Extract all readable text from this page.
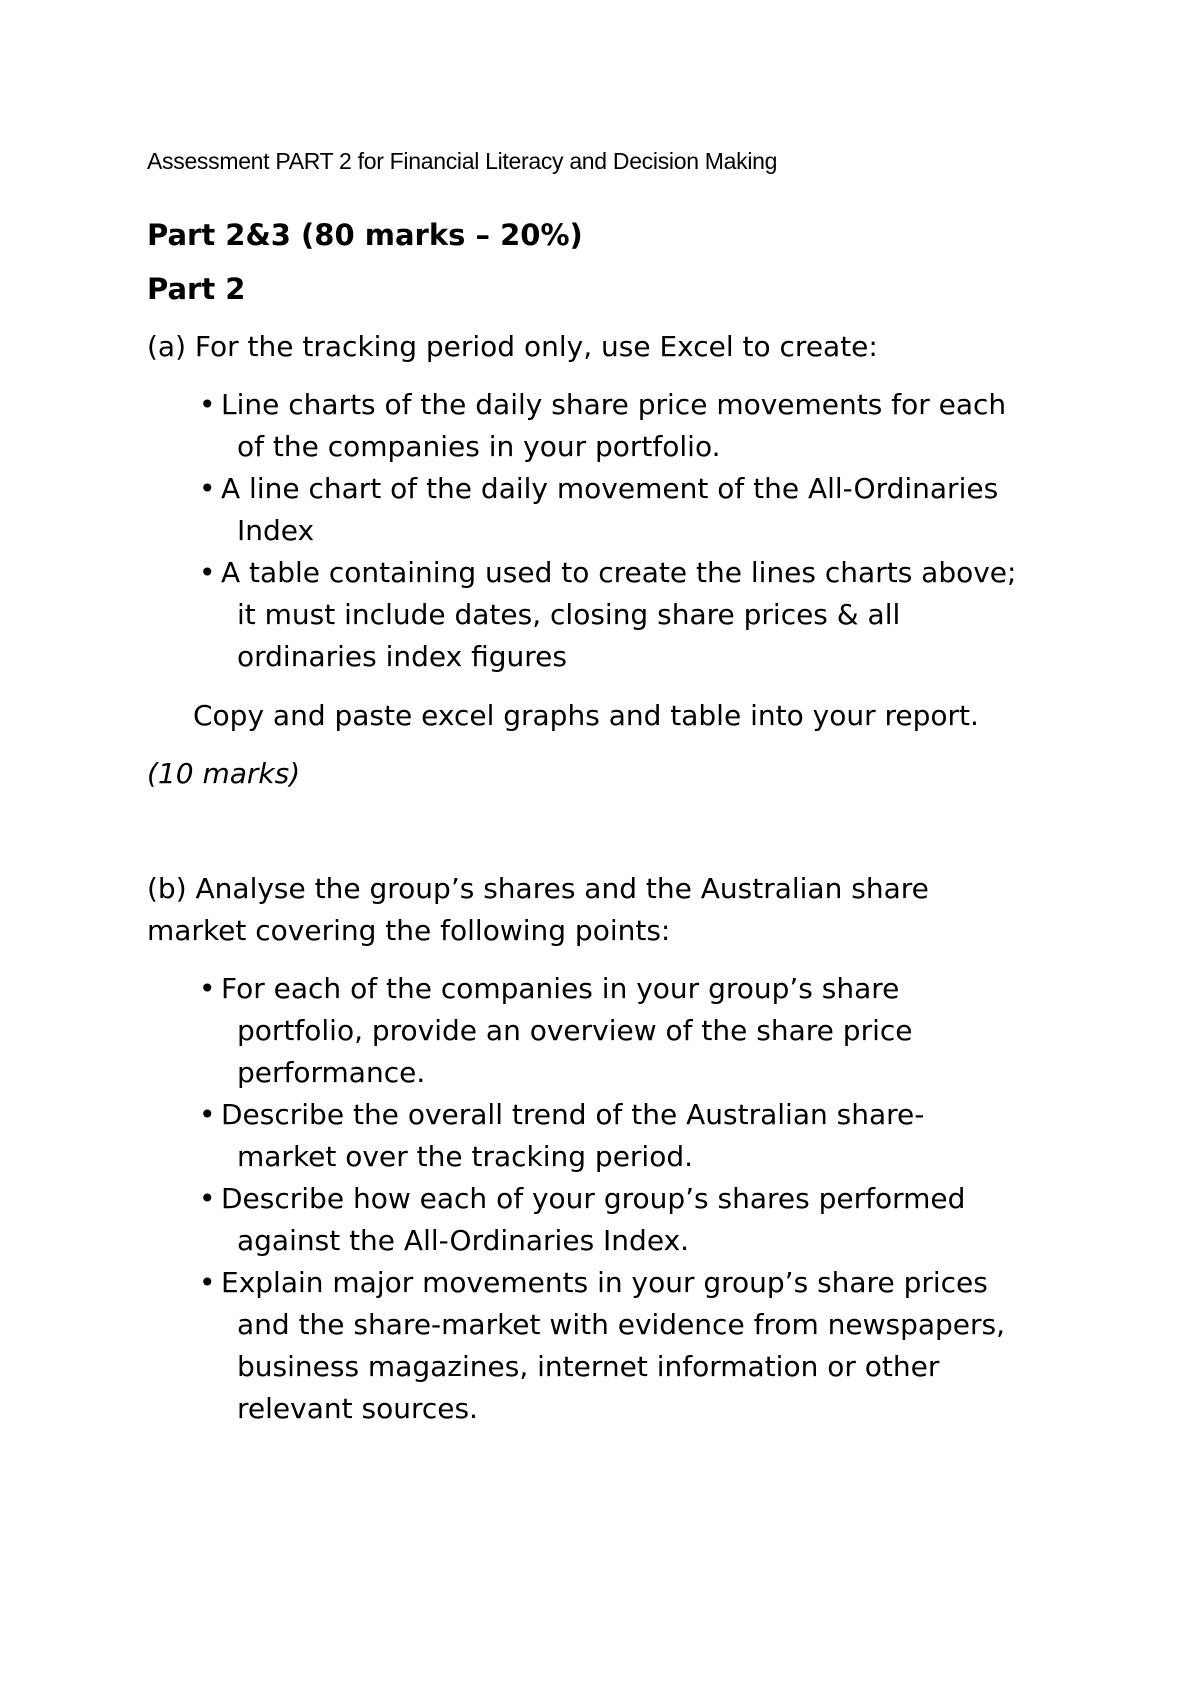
Assessment PART 2 for Financial Literacy and Decision Making
Part 2&3 (80 marks – 20%)
Part 2
(a) For the tracking period only, use Excel to create:
• Line charts of the daily share price movements for each
of the companies in your portfolio.
• A line chart of the daily movement of the All-Ordinaries
Index
• A table containing used to create the lines charts above;
it must include dates, closing share prices & all
ordinaries index figures
Copy and paste excel graphs and table into your report.
(10 marks)
(b) Analyse the group’s shares and the Australian share
market covering the following points:
• For each of the companies in your group’s share
portfolio, provide an overview of the share price
performance.
• Describe the overall trend of the Australian share-
market over the tracking period.
• Describe how each of your group’s shares performed
against the All-Ordinaries Index.
• Explain major movements in your group’s share prices
and the share-market with evidence from newspapers,
business magazines, internet information or other
relevant sources.
